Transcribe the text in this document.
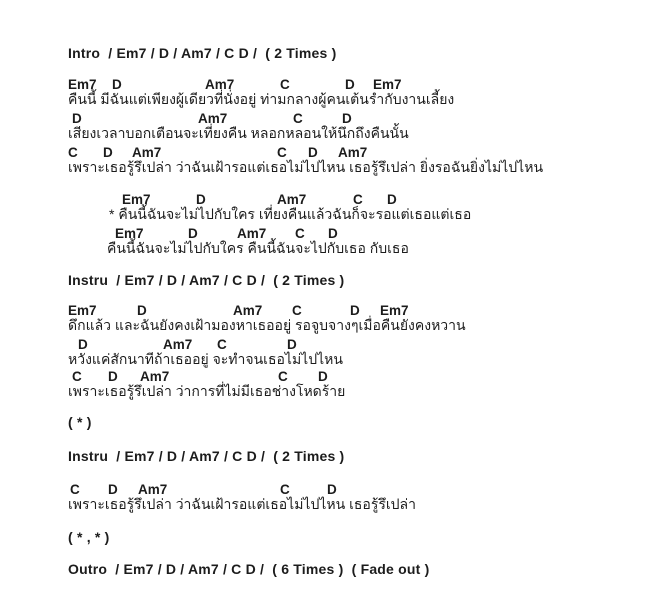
Intro  / Em7 / D / Am7 / C D /  ( 2 Times )

Em7

D

	Am7

	C

	D

Em7

คืนนี้ มีฉันแต่เพียงผู้เดียวที่นั่งอยู่ ท่ามกลางผู้คนเต้นรำกับงานเลี้ยง

D

	Am7

	C

	D

เสียงเวลาบอกเตือนจะเที่ยงคืน หลอกหลอนให้นึกถึงคืนนั้น

C

D

Am7

	C

D

Am7

เพราะเธอรู้รึเปล่า ว่าฉันเฝ้ารอแต่เธอไม่ไปไหน เธอรู้รึเปล่า ยิ่งรอฉันยิ่งไม่ไปไหน

Em7

	D

	Am7

	C

D

* คืนนี้ฉันจะไม่ไปกับใคร เที่ยงคืนแล้วฉันก็จะรอแต่เธอแต่เธอ

Em7

	D

	Am7

C

D

คืนนี้ฉันจะไม่ไปกับใคร คืนนี้ฉันจะไปกับเธอ กับเธอ
Instru  / Em7 / D / Am7 / C D /  ( 2 Times )

Em7

	D

	Am7

C

	D

Em7

ดึกแล้ว และฉันยังคงเฝ้ามองหาเธออยู่ รอจูบจางๆเมื่อคืนยังคงหวาน

D

	Am7

C

	D

หวังแค่สักนาทีถ้าเธออยู่ จะทำจนเธอไม่ไปไหน

C

D

Am7

	C

D

เพราะเธอรู้รึเปล่า ว่าการที่ไม่มีเธอช่างโหดร้าย
( * )
Instru  / Em7 / D / Am7 / C D /  ( 2 Times )

C

D

Am7

	C

	D

เพราะเธอรู้รึเปล่า ว่าฉันเฝ้ารอแต่เธอไม่ไปไหน เธอรู้รึเปล่า
( * , * )
Outro  / Em7 / D / Am7 / C D /  ( 6 Times )  ( Fade out )
